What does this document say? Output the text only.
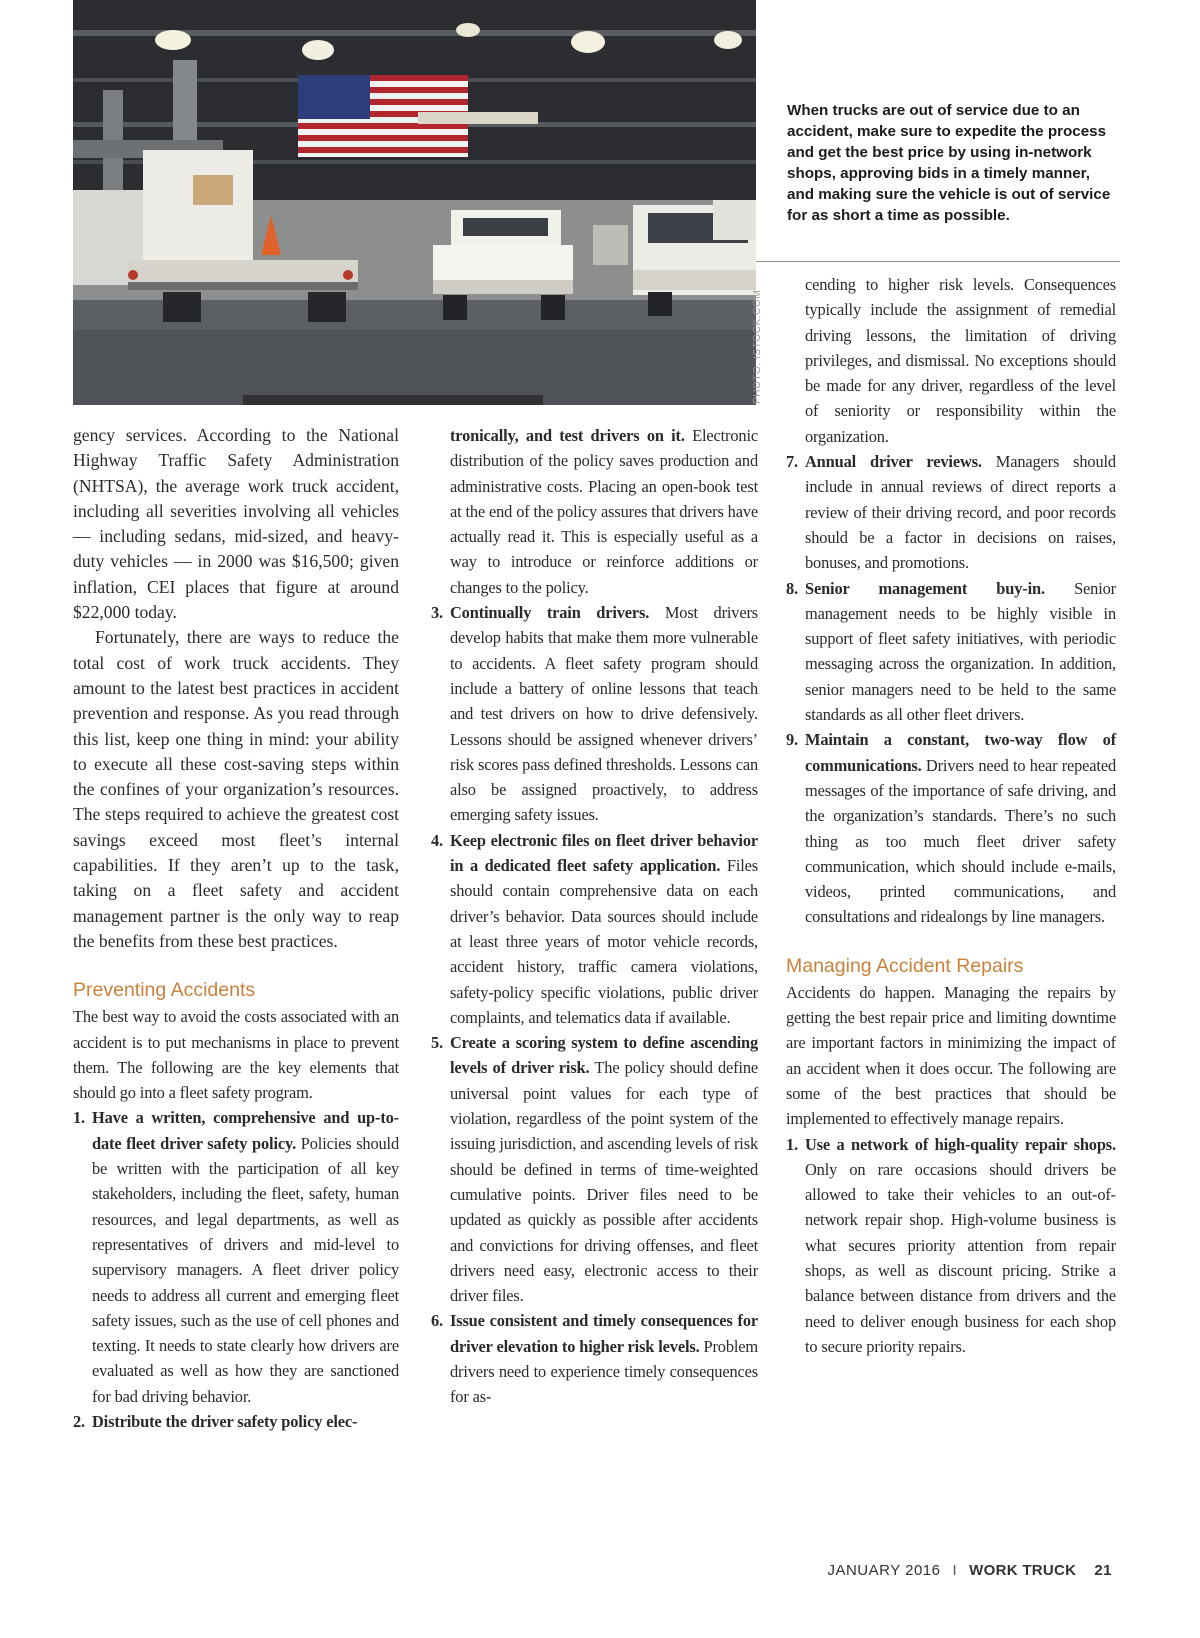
PHOTO: ISTOCK.COM
When trucks are out of service due to an accident, make sure to expedite the process and get the best price by using in-network shops, approving bids in a timely manner, and making sure the vehicle is out of service for as short a time as possible.

gency services. According to the National Highway Traffic Safety Administration (NHTSA), the average work truck accident, including all severities involving all vehicles — including sedans, mid-sized, and heavy-duty vehicles — in 2000 was $16,500; given inflation, CEI places that figure at around $22,000 today.

Fortunately, there are ways to reduce the total cost of work truck accidents. They amount to the latest best practices in accident prevention and response. As you read through this list, keep one thing in mind: your ability to execute all these cost-saving steps within the confines of your organization’s resources. The steps required to achieve the greatest cost savings exceed most fleet’s internal capabilities. If they aren’t up to the task, taking on a fleet safety and accident management partner is the only way to reap the benefits from these best practices.

Preventing Accidents

The best way to avoid the costs associated with an accident is to put mechanisms in place to prevent them. The following are the key elements that should go into a fleet safety program.

1. Have a written, comprehensive and up-to-date fleet driver safety policy. Policies should be written with the participation of all key stakeholders, including the fleet, safety, human resources, and legal departments, as well as representatives of drivers and mid-level to supervisory managers. A fleet driver policy needs to address all current and emerging fleet safety issues, such as the use of cell phones and texting. It needs to state clearly how drivers are evaluated as well as how they are sanctioned for bad driving behavior.
2. Distribute the driver safety policy elec-
tronically, and test drivers on it. Electronic distribution of the policy saves production and administrative costs. Placing an open-book test at the end of the policy assures that drivers have actually read it. This is especially useful as a way to introduce or reinforce additions or changes to the policy.
3. Continually train drivers. Most drivers develop habits that make them more vulnerable to accidents. A fleet safety program should include a battery of online lessons that teach and test drivers on how to drive defensively. Lessons should be assigned whenever drivers’ risk scores pass defined thresholds. Lessons can also be assigned proactively, to address emerging safety issues.
4. Keep electronic files on fleet driver behavior in a dedicated fleet safety application. Files should contain comprehensive data on each driver’s behavior. Data sources should include at least three years of motor vehicle records, accident history, traffic camera violations, safety-policy specific violations, public driver complaints, and telematics data if available.
5. Create a scoring system to define ascending levels of driver risk. The policy should define universal point values for each type of violation, regardless of the point system of the issuing jurisdiction, and ascending levels of risk should be defined in terms of time-weighted cumulative points. Driver files need to be updated as quickly as possible after accidents and convictions for driving offenses, and fleet drivers need easy, electronic access to their driver files.
6. Issue consistent and timely consequences for driver elevation to higher risk levels. Problem drivers need to experience timely consequences for as-
cending to higher risk levels. Consequences typically include the assignment of remedial driving lessons, the limitation of driving privileges, and dismissal. No exceptions should be made for any driver, regardless of the level of seniority or responsibility within the organization.
7. Annual driver reviews. Managers should include in annual reviews of direct reports a review of their driving record, and poor records should be a factor in decisions on raises, bonuses, and promotions.
8. Senior management buy-in. Senior management needs to be highly visible in support of fleet safety initiatives, with periodic messaging across the organization. In addition, senior managers need to be held to the same standards as all other fleet drivers.
9. Maintain a constant, two-way flow of communications. Drivers need to hear repeated messages of the importance of safe driving, and the organization’s standards. There’s no such thing as too much fleet driver safety communication, which should include e-mails, videos, printed communications, and consultations and ridealongs by line managers.
Managing Accident Repairs

Accidents do happen. Managing the repairs by getting the best repair price and limiting downtime are important factors in minimizing the impact of an accident when it does occur. The following are some of the best practices that should be implemented to effectively manage repairs.

1. Use a network of high-quality repair shops. Only on rare occasions should drivers be allowed to take their vehicles to an out-of-network repair shop. High-volume business is what secures priority attention from repair shops, as well as discount pricing. Strike a balance between distance from drivers and the need to deliver enough business for each shop to secure priority repairs.
JANUARY 2016 I WORK TRUCK 21
